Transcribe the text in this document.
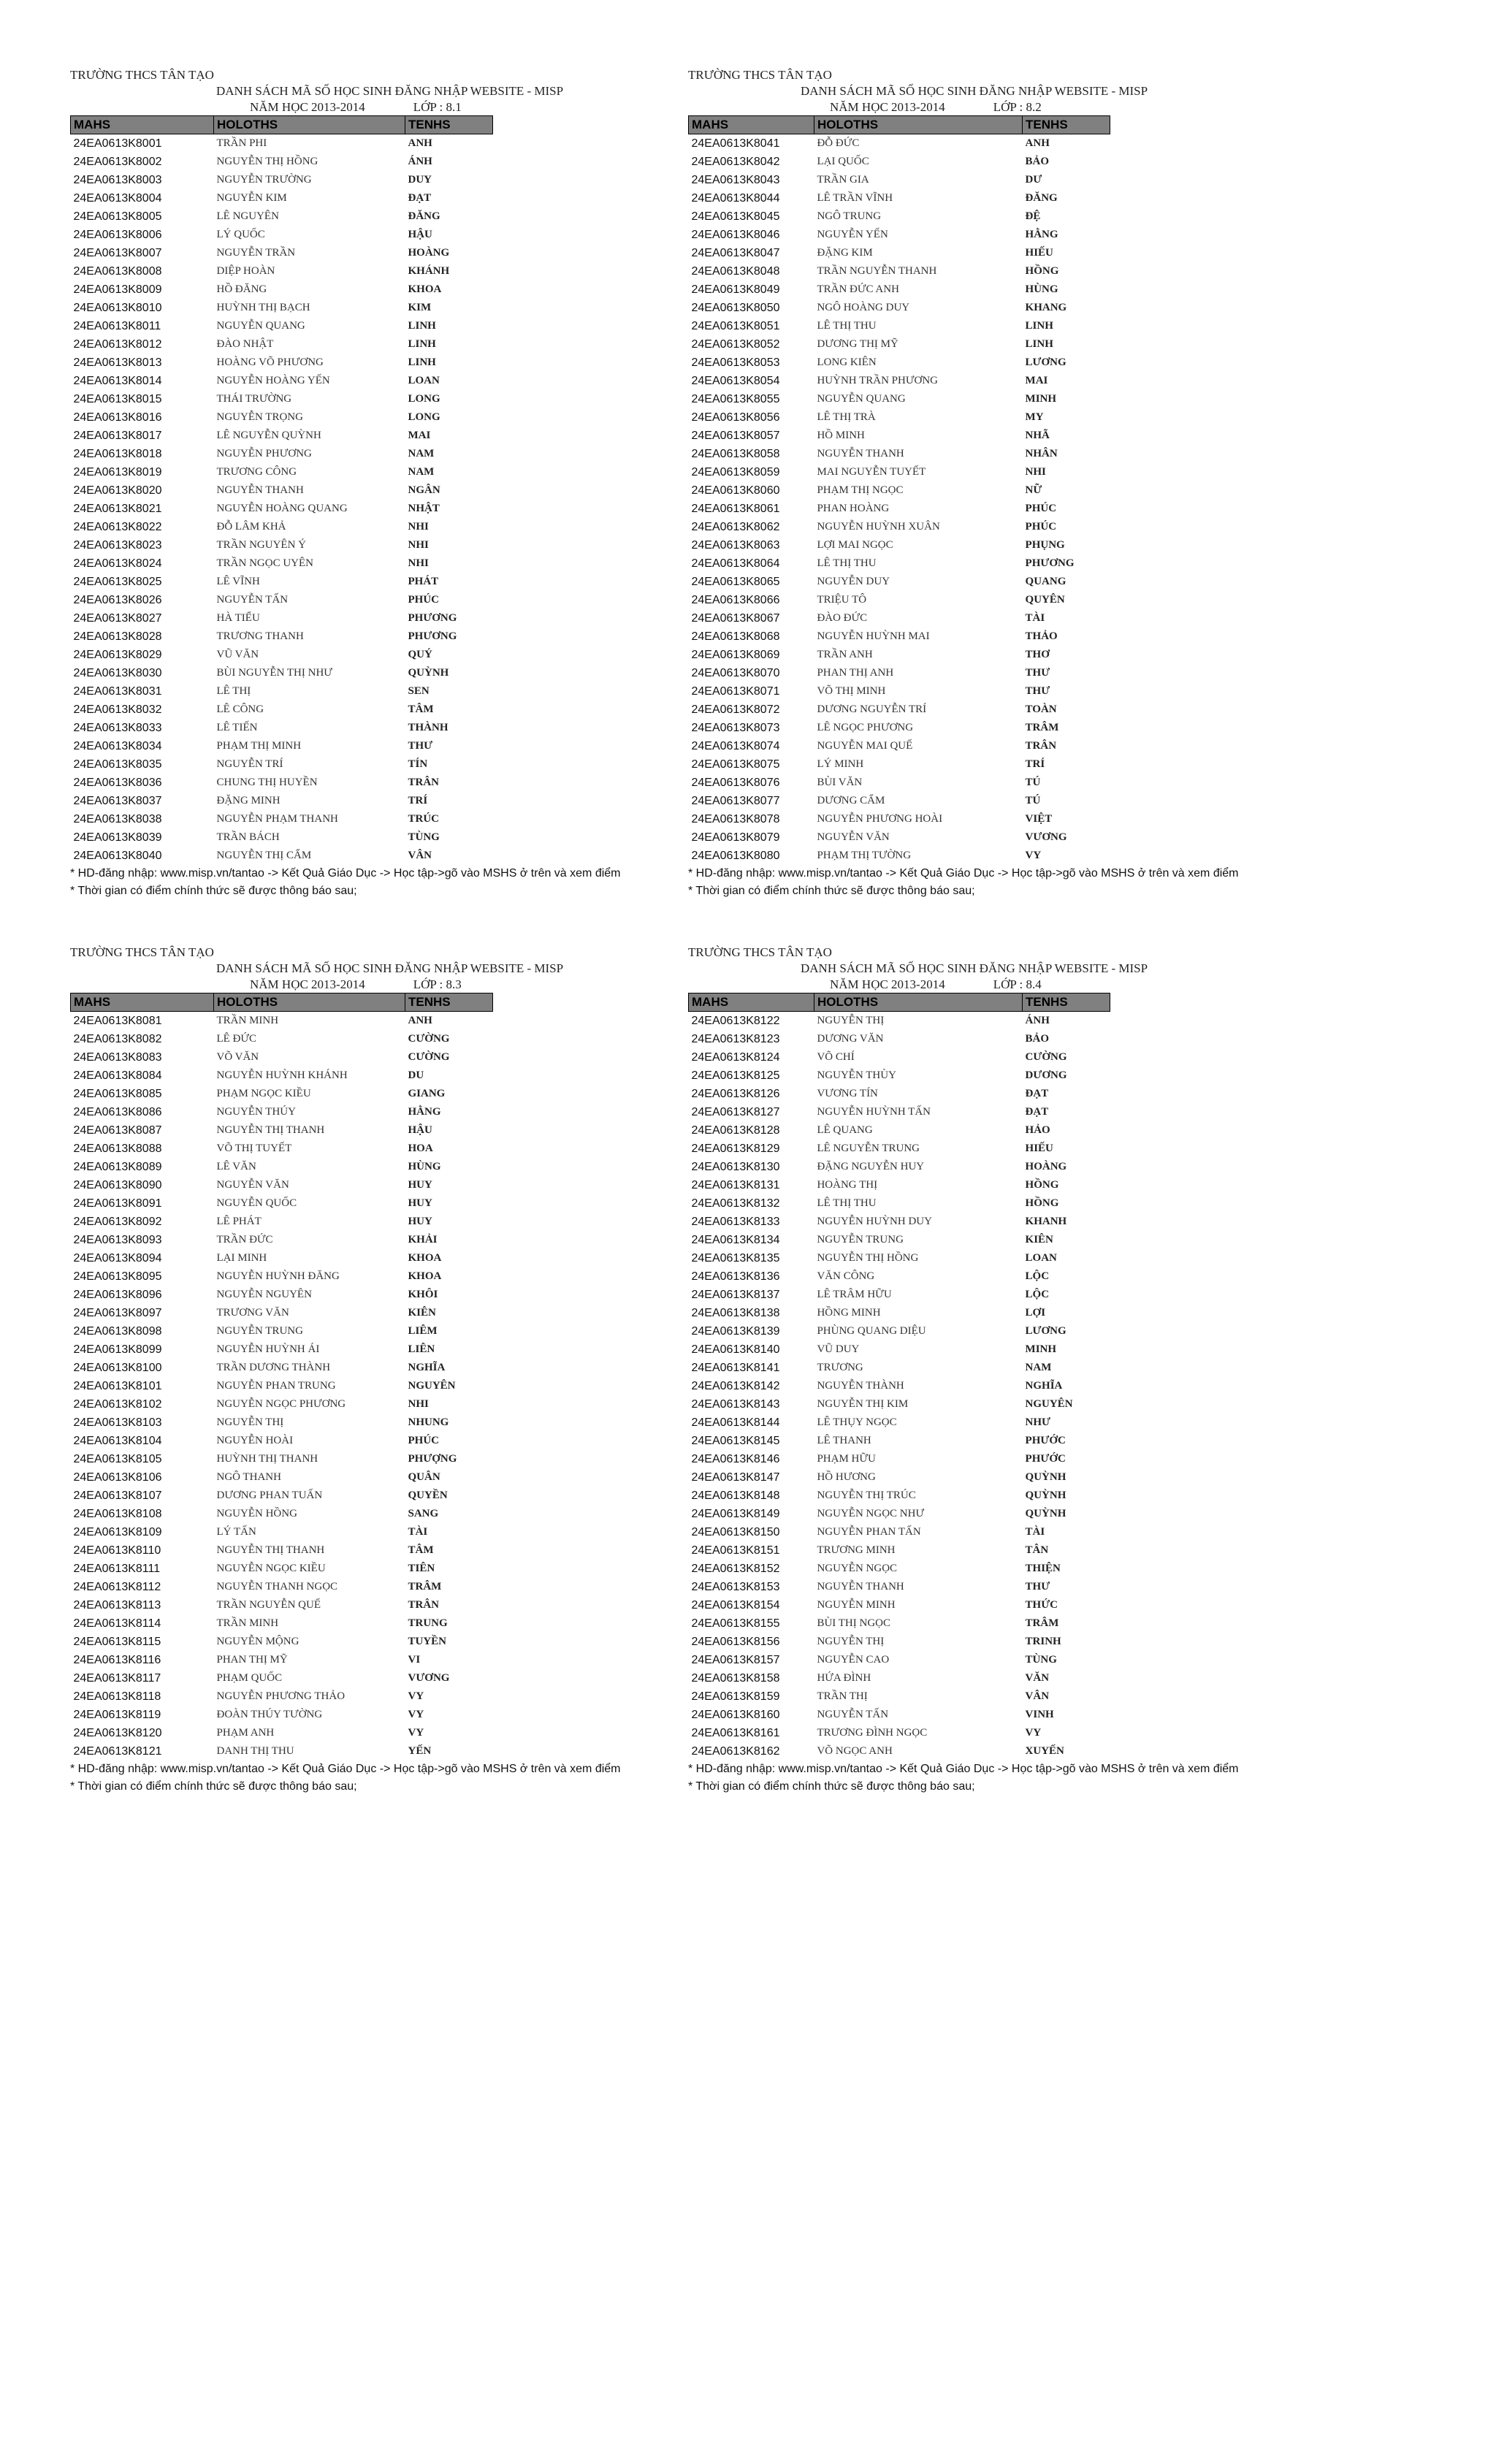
TRƯỜNG THCS TÂN TẠO
DANH SÁCH MÃ SỐ HỌC SINH ĐĂNG NHẬP WEBSITE - MISP
NĂM HỌC 2013-2014	LỚP : 8.1
MAHS	HOLOTHS	TENHS
24EA0613K8001	TRẦN PHI	ANH
24EA0613K8002	NGUYỄN THỊ HỒNG	ÁNH
24EA0613K8003	NGUYỄN TRƯỜNG	DUY
24EA0613K8004	NGUYỄN KIM	ĐẠT
24EA0613K8005	LÊ NGUYÊN	ĐĂNG
24EA0613K8006	LÝ QUỐC	HẬU
24EA0613K8007	NGUYỄN TRẦN	HOÀNG
24EA0613K8008	DIỆP HOÀN	KHÁNH
24EA0613K8009	HỒ ĐĂNG	KHOA
24EA0613K8010	HUỲNH THỊ BẠCH	KIM
24EA0613K8011	NGUYỄN QUANG	LINH
24EA0613K8012	ĐÀO NHẬT	LINH
24EA0613K8013	HOÀNG VÕ PHƯƠNG	LINH
24EA0613K8014	NGUYỄN HOÀNG YẾN	LOAN
24EA0613K8015	THÁI TRƯỜNG	LONG
24EA0613K8016	NGUYỄN TRỌNG	LONG
24EA0613K8017	LÊ NGUYỄN QUỲNH	MAI
24EA0613K8018	NGUYỄN PHƯƠNG	NAM
24EA0613K8019	TRƯƠNG CÔNG	NAM
24EA0613K8020	NGUYỄN THANH	NGÂN
24EA0613K8021	NGUYỄN HOÀNG QUANG	NHẬT
24EA0613K8022	ĐỖ LÂM KHẢ	NHI
24EA0613K8023	TRẦN NGUYÊN Ý	NHI
24EA0613K8024	TRẦN NGỌC UYÊN	NHI
24EA0613K8025	LÊ VĨNH	PHÁT
24EA0613K8026	NGUYỄN TẤN	PHÚC
24EA0613K8027	HÀ TIỂU	PHƯƠNG
24EA0613K8028	TRƯƠNG THANH	PHƯƠNG
24EA0613K8029	VŨ VĂN	QUÝ
24EA0613K8030	BÙI NGUYỄN THỊ NHƯ	QUỲNH
24EA0613K8031	LÊ THỊ	SEN
24EA0613K8032	LÊ CÔNG	TÂM
24EA0613K8033	LÊ TIẾN	THÀNH
24EA0613K8034	PHẠM THỊ MINH	THƯ
24EA0613K8035	NGUYỄN TRÍ	TÍN
24EA0613K8036	CHUNG THỊ HUYỀN	TRÂN
24EA0613K8037	ĐẶNG MINH	TRÍ
24EA0613K8038	NGUYỄN PHẠM THANH	TRÚC
24EA0613K8039	TRẦN BÁCH	TÙNG
24EA0613K8040	NGUYỄN THỊ CẨM	VÂN
* HD-đăng nhập: www.misp.vn/tantao -> Kết Quả Giáo Dục -> Học tập->gõ vào MSHS ở trên và xem điểm
* Thời gian có điểm chính thức sẽ được thông báo sau;
TRƯỜNG THCS TÂN TẠO
DANH SÁCH MÃ SỐ HỌC SINH ĐĂNG NHẬP WEBSITE - MISP
NĂM HỌC 2013-2014	LỚP : 8.2
MAHS	HOLOTHS	TENHS
24EA0613K8041	ĐỖ ĐỨC	ANH
24EA0613K8042	LẠI QUỐC	BẢO
24EA0613K8043	TRẦN GIA	DƯ
24EA0613K8044	LÊ TRẦN VĨNH	ĐĂNG
24EA0613K8045	NGÔ TRUNG	ĐỆ
24EA0613K8046	NGUYỄN YẾN	HẰNG
24EA0613K8047	ĐẶNG KIM	HIẾU
24EA0613K8048	TRẦN NGUYỄN THANH	HỒNG
24EA0613K8049	TRẦN ĐỨC ANH	HÙNG
24EA0613K8050	NGÔ HOÀNG DUY	KHANG
24EA0613K8051	LÊ THỊ THU	LINH
24EA0613K8052	DƯƠNG THỊ MỸ	LINH
24EA0613K8053	LONG KIÊN	LƯƠNG
24EA0613K8054	HUỲNH TRẦN PHƯƠNG	MAI
24EA0613K8055	NGUYỄN QUANG	MINH
24EA0613K8056	LÊ THỊ TRÀ	MY
24EA0613K8057	HỒ MINH	NHÃ
24EA0613K8058	NGUYỄN THANH	NHÂN
24EA0613K8059	MAI NGUYỄN TUYẾT	NHI
24EA0613K8060	PHẠM THỊ NGỌC	NỮ
24EA0613K8061	PHAN HOÀNG	PHÚC
24EA0613K8062	NGUYỄN HUỲNH XUÂN	PHÚC
24EA0613K8063	LỢI MAI NGỌC	PHỤNG
24EA0613K8064	LÊ THỊ THU	PHƯƠNG
24EA0613K8065	NGUYỄN DUY	QUANG
24EA0613K8066	TRIỆU TÔ	QUYÊN
24EA0613K8067	ĐÀO ĐỨC	TÀI
24EA0613K8068	NGUYỄN HUỲNH MAI	THẢO
24EA0613K8069	TRẦN ANH	THƠ
24EA0613K8070	PHAN THỊ ANH	THƯ
24EA0613K8071	VÕ THỊ MINH	THƯ
24EA0613K8072	DƯƠNG NGUYỄN TRÍ	TOÀN
24EA0613K8073	LÊ NGỌC PHƯƠNG	TRÂM
24EA0613K8074	NGUYỄN MAI QUẾ	TRÂN
24EA0613K8075	LÝ MINH	TRÍ
24EA0613K8076	BÙI VĂN	TÚ
24EA0613K8077	DƯƠNG CẨM	TÚ
24EA0613K8078	NGUYỄN PHƯƠNG HOÀI	VIỆT
24EA0613K8079	NGUYỄN VĂN	VƯƠNG
24EA0613K8080	PHẠM THỊ TƯỜNG	VY
* HD-đăng nhập: www.misp.vn/tantao -> Kết Quả Giáo Dục -> Học tập->gõ vào MSHS ở trên và xem điểm
* Thời gian có điểm chính thức sẽ được thông báo sau;
TRƯỜNG THCS TÂN TẠO
DANH SÁCH MÃ SỐ HỌC SINH ĐĂNG NHẬP WEBSITE - MISP
NĂM HỌC 2013-2014	LỚP : 8.3
MAHS	HOLOTHS	TENHS
24EA0613K8081	TRẦN MINH	ANH
24EA0613K8082	LÊ ĐỨC	CƯỜNG
24EA0613K8083	VÕ VĂN	CƯỜNG
24EA0613K8084	NGUYỄN HUỲNH KHÁNH	DU
24EA0613K8085	PHẠM NGỌC KIỀU	GIANG
24EA0613K8086	NGUYỄN THÚY	HẰNG
24EA0613K8087	NGUYỄN THỊ THANH	HẬU
24EA0613K8088	VÕ THỊ TUYẾT	HOA
24EA0613K8089	LÊ VĂN	HÙNG
24EA0613K8090	NGUYỄN VĂN	HUY
24EA0613K8091	NGUYỄN QUỐC	HUY
24EA0613K8092	LÊ PHÁT	HUY
24EA0613K8093	TRẦN ĐỨC	KHẢI
24EA0613K8094	LẠI MINH	KHOA
24EA0613K8095	NGUYỄN HUỲNH ĐĂNG	KHOA
24EA0613K8096	NGUYỄN NGUYÊN	KHÔI
24EA0613K8097	TRƯƠNG VĂN	KIÊN
24EA0613K8098	NGUYỄN TRUNG	LIÊM
24EA0613K8099	NGUYỄN HUỲNH ÁI	LIÊN
24EA0613K8100	TRẦN DƯƠNG THÀNH	NGHĨA
24EA0613K8101	NGUYỄN PHAN TRUNG	NGUYÊN
24EA0613K8102	NGUYỄN NGỌC PHƯƠNG	NHI
24EA0613K8103	NGUYỄN THỊ	NHUNG
24EA0613K8104	NGUYỄN HOÀI	PHÚC
24EA0613K8105	HUỲNH THỊ THANH	PHƯỢNG
24EA0613K8106	NGÔ THANH	QUÂN
24EA0613K8107	DƯƠNG PHAN TUẤN	QUYỀN
24EA0613K8108	NGUYỄN HỒNG	SANG
24EA0613K8109	LÝ TẤN	TÀI
24EA0613K8110	NGUYỄN THỊ THANH	TÂM
24EA0613K8111	NGUYỄN NGỌC KIỀU	TIÊN
24EA0613K8112	NGUYỄN THANH NGỌC	TRÂM
24EA0613K8113	TRẦN NGUYỄN QUẾ	TRÂN
24EA0613K8114	TRẦN MINH	TRUNG
24EA0613K8115	NGUYỄN MỘNG	TUYỀN
24EA0613K8116	PHAN THỊ MỸ	VI
24EA0613K8117	PHẠM QUỐC	VƯƠNG
24EA0613K8118	NGUYỄN PHƯƠNG THẢO	VY
24EA0613K8119	ĐOÀN THÚY TƯỜNG	VY
24EA0613K8120	PHẠM ANH	VY
24EA0613K8121	DANH THỊ THU	YẾN
* HD-đăng nhập: www.misp.vn/tantao -> Kết Quả Giáo Dục -> Học tập->gõ vào MSHS ở trên và xem điểm
* Thời gian có điểm chính thức sẽ được thông báo sau;
TRƯỜNG THCS TÂN TẠO
DANH SÁCH MÃ SỐ HỌC SINH ĐĂNG NHẬP WEBSITE - MISP
NĂM HỌC 2013-2014	LỚP : 8.4
MAHS	HOLOTHS	TENHS
24EA0613K8122	NGUYỄN THỊ	ÁNH
24EA0613K8123	DƯƠNG VĂN	BẢO
24EA0613K8124	VÕ CHÍ	CƯỜNG
24EA0613K8125	NGUYỄN THÙY	DƯƠNG
24EA0613K8126	VƯƠNG TÍN	ĐẠT
24EA0613K8127	NGUYỄN HUỲNH TẤN	ĐẠT
24EA0613K8128	LÊ QUANG	HẢO
24EA0613K8129	LÊ NGUYỄN TRUNG	HIẾU
24EA0613K8130	ĐẶNG NGUYỄN HUY	HOÀNG
24EA0613K8131	HOÀNG THỊ	HỒNG
24EA0613K8132	LÊ THỊ THU	HỒNG
24EA0613K8133	NGUYỄN HUỲNH DUY	KHANH
24EA0613K8134	NGUYỄN TRUNG	KIÊN
24EA0613K8135	NGUYỄN THỊ HỒNG	LOAN
24EA0613K8136	VĂN CÔNG	LỘC
24EA0613K8137	LÊ TRÂM HỮU	LỘC
24EA0613K8138	HỒNG MINH	LỢI
24EA0613K8139	PHÙNG QUANG DIỆU	LƯƠNG
24EA0613K8140	VŨ DUY	MINH
24EA0613K8141	TRƯƠNG	NAM
24EA0613K8142	NGUYỄN THÀNH	NGHĨA
24EA0613K8143	NGUYỄN THỊ KIM	NGUYÊN
24EA0613K8144	LÊ THỤY NGỌC	NHƯ
24EA0613K8145	LÊ THANH	PHƯỚC
24EA0613K8146	PHẠM HỮU	PHƯỚC
24EA0613K8147	HỒ HƯƠNG	QUỲNH
24EA0613K8148	NGUYỄN THỊ TRÚC	QUỲNH
24EA0613K8149	NGUYỄN NGỌC NHƯ	QUỲNH
24EA0613K8150	NGUYỄN PHAN TẤN	TÀI
24EA0613K8151	TRƯƠNG MINH	TÂN
24EA0613K8152	NGUYỄN NGỌC	THIỆN
24EA0613K8153	NGUYỄN THANH	THƯ
24EA0613K8154	NGUYỄN MINH	THỨC
24EA0613K8155	BÙI THỊ NGỌC	TRÂM
24EA0613K8156	NGUYỄN THỊ	TRINH
24EA0613K8157	NGUYỄN CAO	TÙNG
24EA0613K8158	HỨA ĐÌNH	VĂN
24EA0613K8159	TRẦN THỊ	VÂN
24EA0613K8160	NGUYỄN TẤN	VINH
24EA0613K8161	TRƯƠNG ĐÌNH NGỌC	VY
24EA0613K8162	VÕ NGỌC ANH	XUYẾN
* HD-đăng nhập: www.misp.vn/tantao -> Kết Quả Giáo Dục -> Học tập->gõ vào MSHS ở trên và xem điểm
* Thời gian có điểm chính thức sẽ được thông báo sau;
